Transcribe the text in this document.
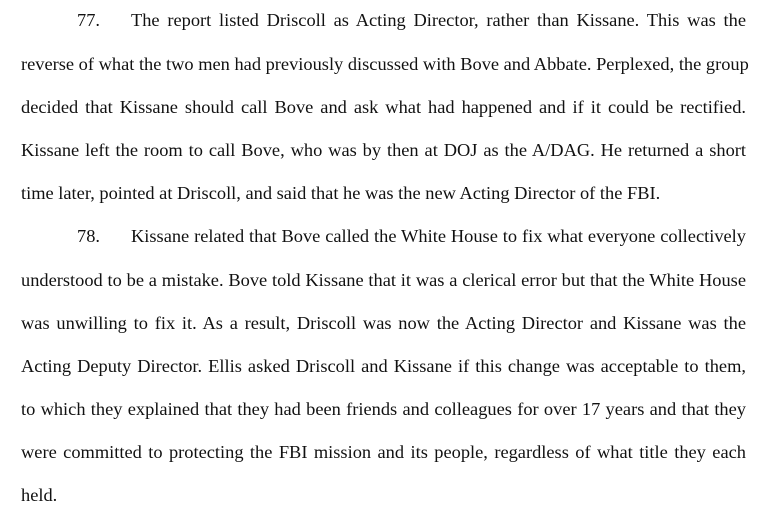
77. The report listed Driscoll as Acting Director, rather than Kissane. This was the
reverse of what the two men had previously discussed with Bove and Abbate. Perplexed, the group
decided that Kissane should call Bove and ask what had happened and if it could be rectified.
Kissane left the room to call Bove, who was by then at DOJ as the A/DAG. He returned a short
time later, pointed at Driscoll, and said that he was the new Acting Director of the FBI.
78. Kissane related that Bove called the White House to fix what everyone collectively
understood to be a mistake. Bove told Kissane that it was a clerical error but that the White House
was unwilling to fix it. As a result, Driscoll was now the Acting Director and Kissane was the
Acting Deputy Director. Ellis asked Driscoll and Kissane if this change was acceptable to them,
to which they explained that they had been friends and colleagues for over 17 years and that they
were committed to protecting the FBI mission and its people, regardless of what title they each
held.
